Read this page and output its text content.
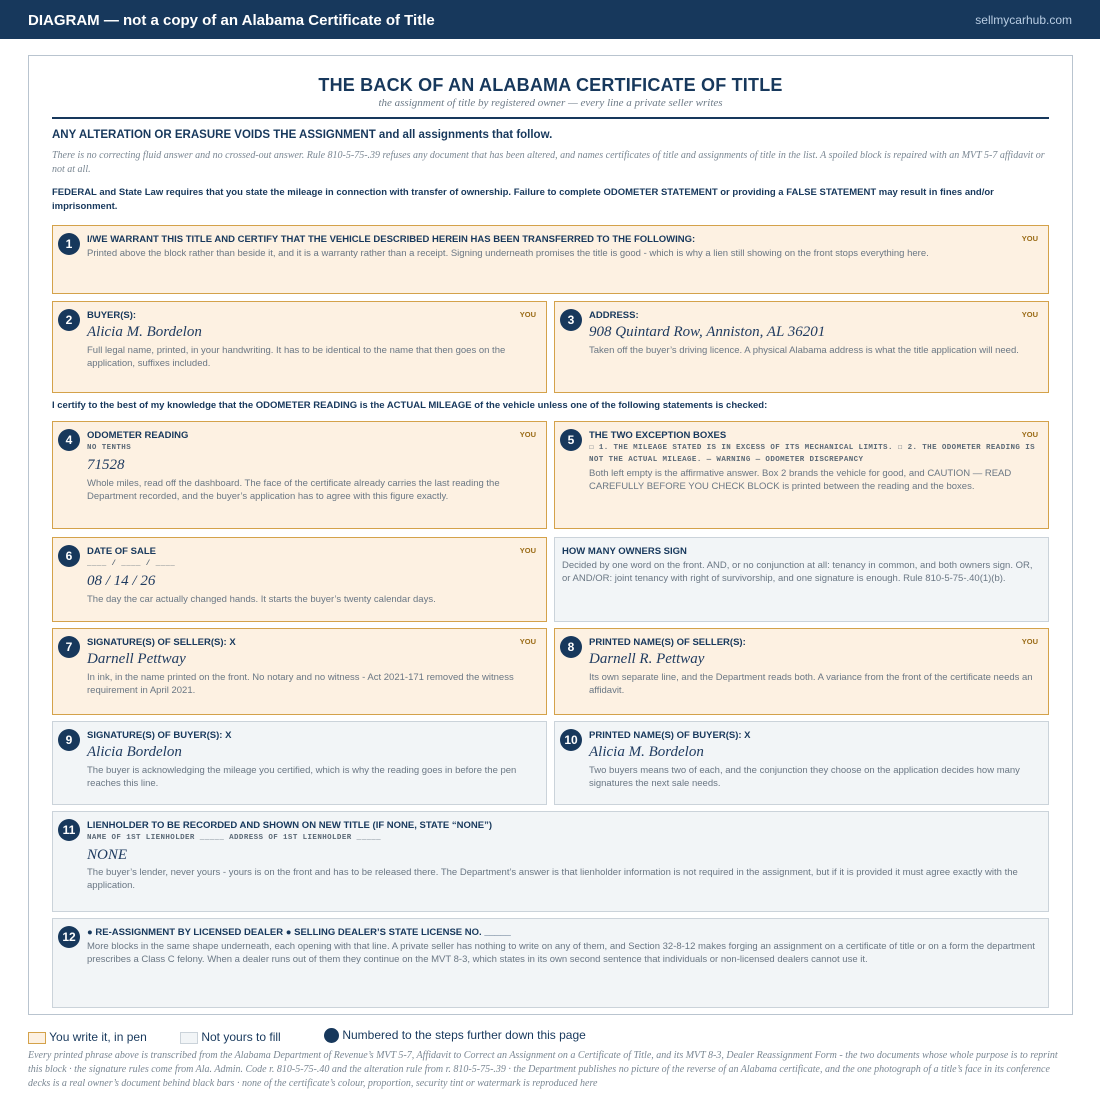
DIAGRAM — not a copy of an Alabama Certificate of Title	sellmycarhub.com
THE BACK OF AN ALABAMA CERTIFICATE OF TITLE
the assignment of title by registered owner — every line a private seller writes
ANY ALTERATION OR ERASURE VOIDS THE ASSIGNMENT and all assignments that follow.
There is no correcting fluid answer and no crossed-out answer. Rule 810-5-75-.39 refuses any document that has been altered, and names certificates of title and assignments of title in the list. A spoiled block is repaired with an MVT 5-7 affidavit or not at all.
FEDERAL and State Law requires that you state the mileage in connection with transfer of ownership. Failure to complete ODOMETER STATEMENT or providing a FALSE STATEMENT may result in fines and/or imprisonment.
1	YOU
I/WE WARRANT THIS TITLE AND CERTIFY THAT THE VEHICLE DESCRIBED HEREIN HAS BEEN TRANSFERRED TO THE FOLLOWING:
Printed above the block rather than beside it, and it is a warranty rather than a receipt. Signing underneath promises the title is good - which is why a lien still showing on the front stops everything here.
2	YOU
BUYER(S):
Alicia M. Bordelon
Full legal name, printed, in your handwriting. It has to be identical to the name that then goes on the application, suffixes included.
3	YOU
ADDRESS:
908 Quintard Row, Anniston, AL 36201
Taken off the buyer’s driving licence. A physical Alabama address is what the title application will need.
I certify to the best of my knowledge that the ODOMETER READING is the ACTUAL MILEAGE of the vehicle unless one of the following statements is checked:
4	YOU
ODOMETER READING
NO TENTHS
71528
Whole miles, read off the dashboard. The face of the certificate already carries the last reading the Department recorded, and the buyer’s application has to agree with this figure exactly.
5	YOU
THE TWO EXCEPTION BOXES
☐ 1. THE MILEAGE STATED IS IN EXCESS OF ITS MECHANICAL LIMITS. ☐ 2. THE ODOMETER READING IS NOT THE ACTUAL MILEAGE. — WARNING — ODOMETER DISCREPANCY
Both left empty is the affirmative answer. Box 2 brands the vehicle for good, and CAUTION — READ CAREFULLY BEFORE YOU CHECK BLOCK is printed between the reading and the boxes.
6	YOU
DATE OF SALE
____ / ____ / ____
08 / 14 / 26
The day the car actually changed hands. It starts the buyer’s twenty calendar days.
HOW MANY OWNERS SIGN
Decided by one word on the front. AND, or no conjunction at all: tenancy in common, and both owners sign. OR, or AND/OR: joint tenancy with right of survivorship, and one signature is enough. Rule 810-5-75-.40(1)(b).
7	YOU
SIGNATURE(S) OF SELLER(S): X
Darnell Pettway
In ink, in the name printed on the front. No notary and no witness - Act 2021-171 removed the witness requirement in April 2021.
8	YOU
PRINTED NAME(S) OF SELLER(S):
Darnell R. Pettway
Its own separate line, and the Department reads both. A variance from the front of the certificate needs an affidavit.
9	SIGNATURE(S) OF BUYER(S): X
Alicia Bordelon
The buyer is acknowledging the mileage you certified, which is why the reading goes in before the pen reaches this line.
10	PRINTED NAME(S) OF BUYER(S): X
Alicia M. Bordelon
Two buyers means two of each, and the conjunction they choose on the application decides how many signatures the next sale needs.
11	LIENHOLDER TO BE RECORDED AND SHOWN ON NEW TITLE (IF NONE, STATE “NONE”)
NAME OF 1ST LIENHOLDER _____ ADDRESS OF 1ST LIENHOLDER _____
NONE
The buyer’s lender, never yours - yours is on the front and has to be released there. The Department’s answer is that lienholder information is not required in the assignment, but if it is provided it must agree exactly with the application.
12	● RE-ASSIGNMENT BY LICENSED DEALER ● SELLING DEALER’S STATE LICENSE NO. _____
More blocks in the same shape underneath, each opening with that line. A private seller has nothing to write on any of them, and Section 32-8-12 makes forging an assignment on a certificate of title or on a form the department prescribes a Class C felony. When a dealer runs out of them they continue on the MVT 8-3, which states in its own second sentence that individuals or non-licensed dealers cannot use it.
You write it, in pen	Not yours to fill	Numbered to the steps further down this page
Every printed phrase above is transcribed from the Alabama Department of Revenue’s MVT 5-7, Affidavit to Correct an Assignment on a Certificate of Title, and its MVT 8-3, Dealer Reassignment Form - the two documents whose whole purpose is to reprint this block · the signature rules come from Ala. Admin. Code r. 810-5-75-.40 and the alteration rule from r. 810-5-75-.39 · the Department publishes no picture of the reverse of an Alabama certificate, and the one photograph of a title’s face in its conference decks is a real owner’s document behind black bars · none of the certificate’s colour, proportion, security tint or watermark is reproduced here
